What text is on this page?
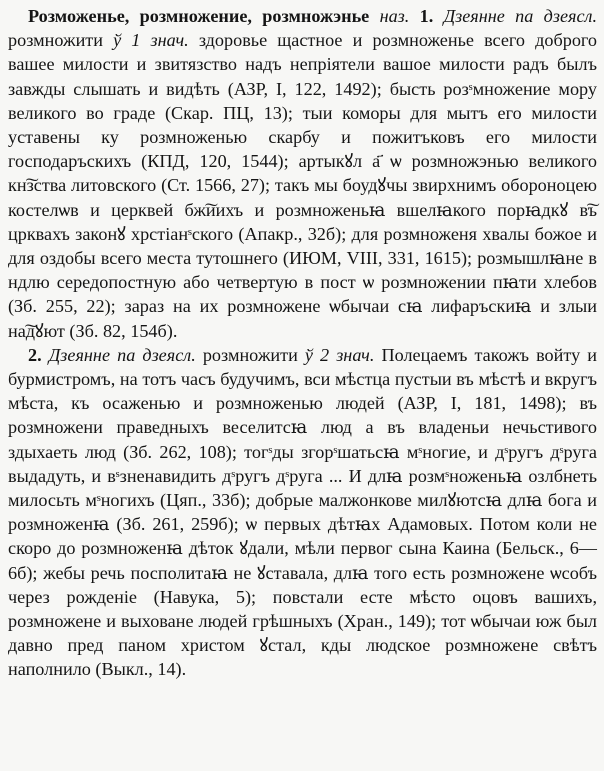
Розможенье, розмножение, розмножэнье наз. 1. Дзеянне па дзеясл. розмножити ў 1 знач. здоровье щастное и розмноженье всего доброго вашее милости и звитязство надъ непрiятели вашое милости радъ былъ завжды слышать и видѣть (АЗР, I, 122, 1492); бысть розˢмножение мору великого во граде (Скар. ПЦ, 13); тыи коморы для мытъ его милости уставены ку розмноженью скарбу и пожитъковъ его милости господаръскихъ (КПД, 120, 1544); артыкꙋл а҃ ѡ розмножэнью великого кн͠зства литовского (Ст. 1566, 27); такъ мы боудꙋчы звирхнимъ обороноцею костелѡв и церквей бж͠иихъ и розмноженьꙗ вшелꙗкого порꙗдкꙋ в͠ъ црквахъ законꙋ хрстiанˢского (Апакр., 32б); для розмноженя хвалы божое и для оздобы всего места тутошнего (ИЮМ, VIII, 331, 1615); розмышлꙗне в ндлю середопостную або четвертую в пост ѡ розмножении пꙗти хлебов (Зб. 255, 22); зараз на их розмножене ѡбычаи сꙗ лифаръскиꙗ и злыи на͠дꙋют (Зб. 82, 154б).

2. Дзеянне па дзеясл. розмножити ў 2 знач. Полецаемъ такожъ войту и бурмистромъ, на тотъ часъ будучимъ, вси мѣстца пустыи въ мѣстѣ и вкругъ мѣста, къ осаженью и розмноженью людей (АЗР, I, 181, 1498); въ розмножени праведныхъ веселитсꙗ люд а въ владеньи нечьстивого здыхаеть люд (Зб. 262, 108); тогˢды згорˢшатьсꙗ мˢногие, и дˢругъ дˢруга выдадуть, и вˢзненавидить дˢругъ дˢруга ... И длꙗ розмˢноженьꙗ озлбнеть милосьть мˢногихъ (Цяп., 33б); добрые малжонкове милꙋютсꙗ длꙗ бога и розмноженꙗ (Зб. 261, 259б); ѡ первых дѣтꙗх Адамовых. Потом коли не скоро до розмноженꙗ дѣток ꙋдали, мѣли первог сына Каина (Бельск., 6—6б); жебы речь посполитаꙗ не ꙋставала, длꙗ того есть розмноженe ѡсобъ через рожденiе (Навука, 5); повстали есте мѣсто оцовъ вашихъ, розмножене и выховане людей грѣшныхъ (Хран., 149); тот ѡбычаи юж был давно пред паном христом ꙋстал, кды людское розмножене свѣтъ наполнило (Выкл., 14).
